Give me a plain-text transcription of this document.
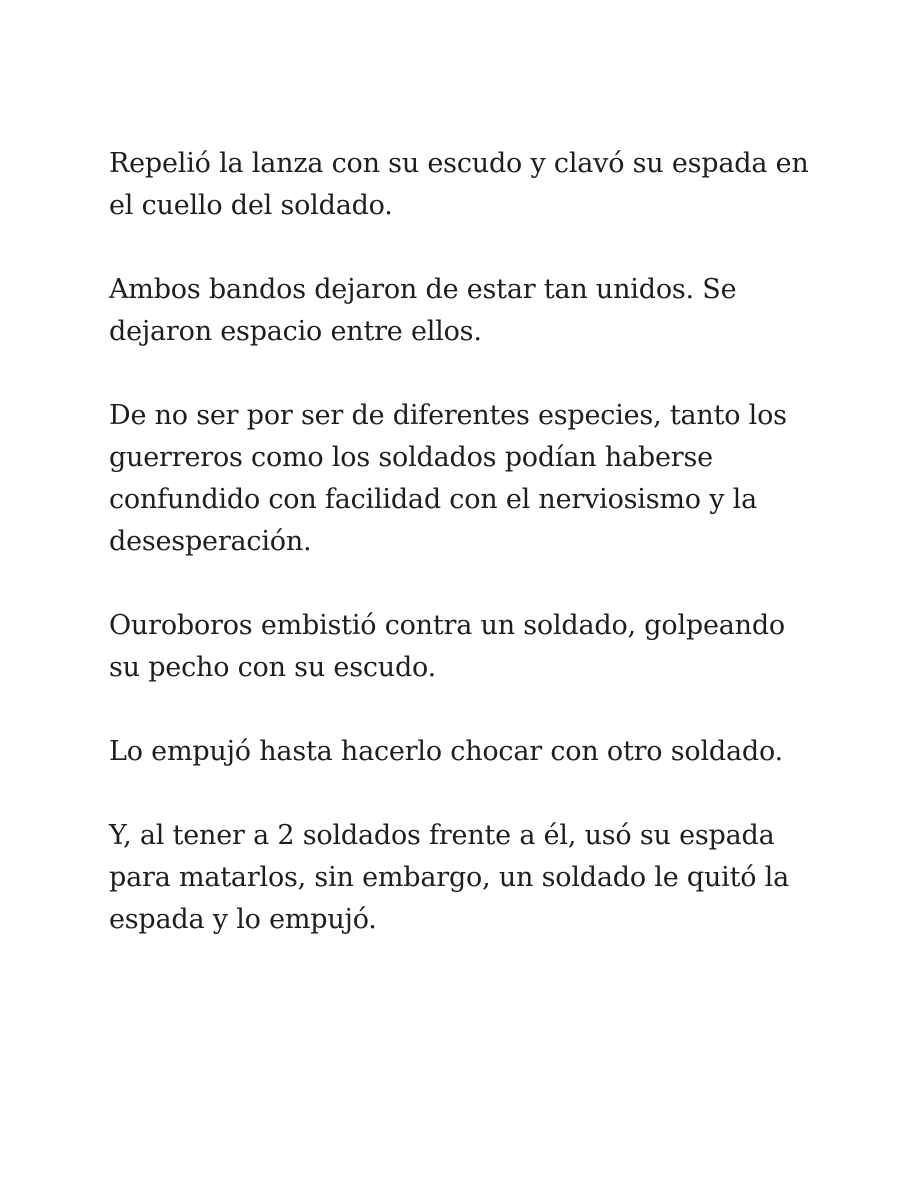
Repelió la lanza con su escudo y clavó su espada en el cuello del soldado.

Ambos bandos dejaron de estar tan unidos. Se dejaron espacio entre ellos.

De no ser por ser de diferentes especies, tanto los guerreros como los soldados podían haberse confundido con facilidad con el nerviosismo y la desesperación.

Ouroboros embistió contra un soldado, golpeando su pecho con su escudo.

Lo empujó hasta hacerlo chocar con otro soldado.

Y, al tener a 2 soldados frente a él, usó su espada para matarlos, sin embargo, un soldado le quitó la espada y lo empujó.
